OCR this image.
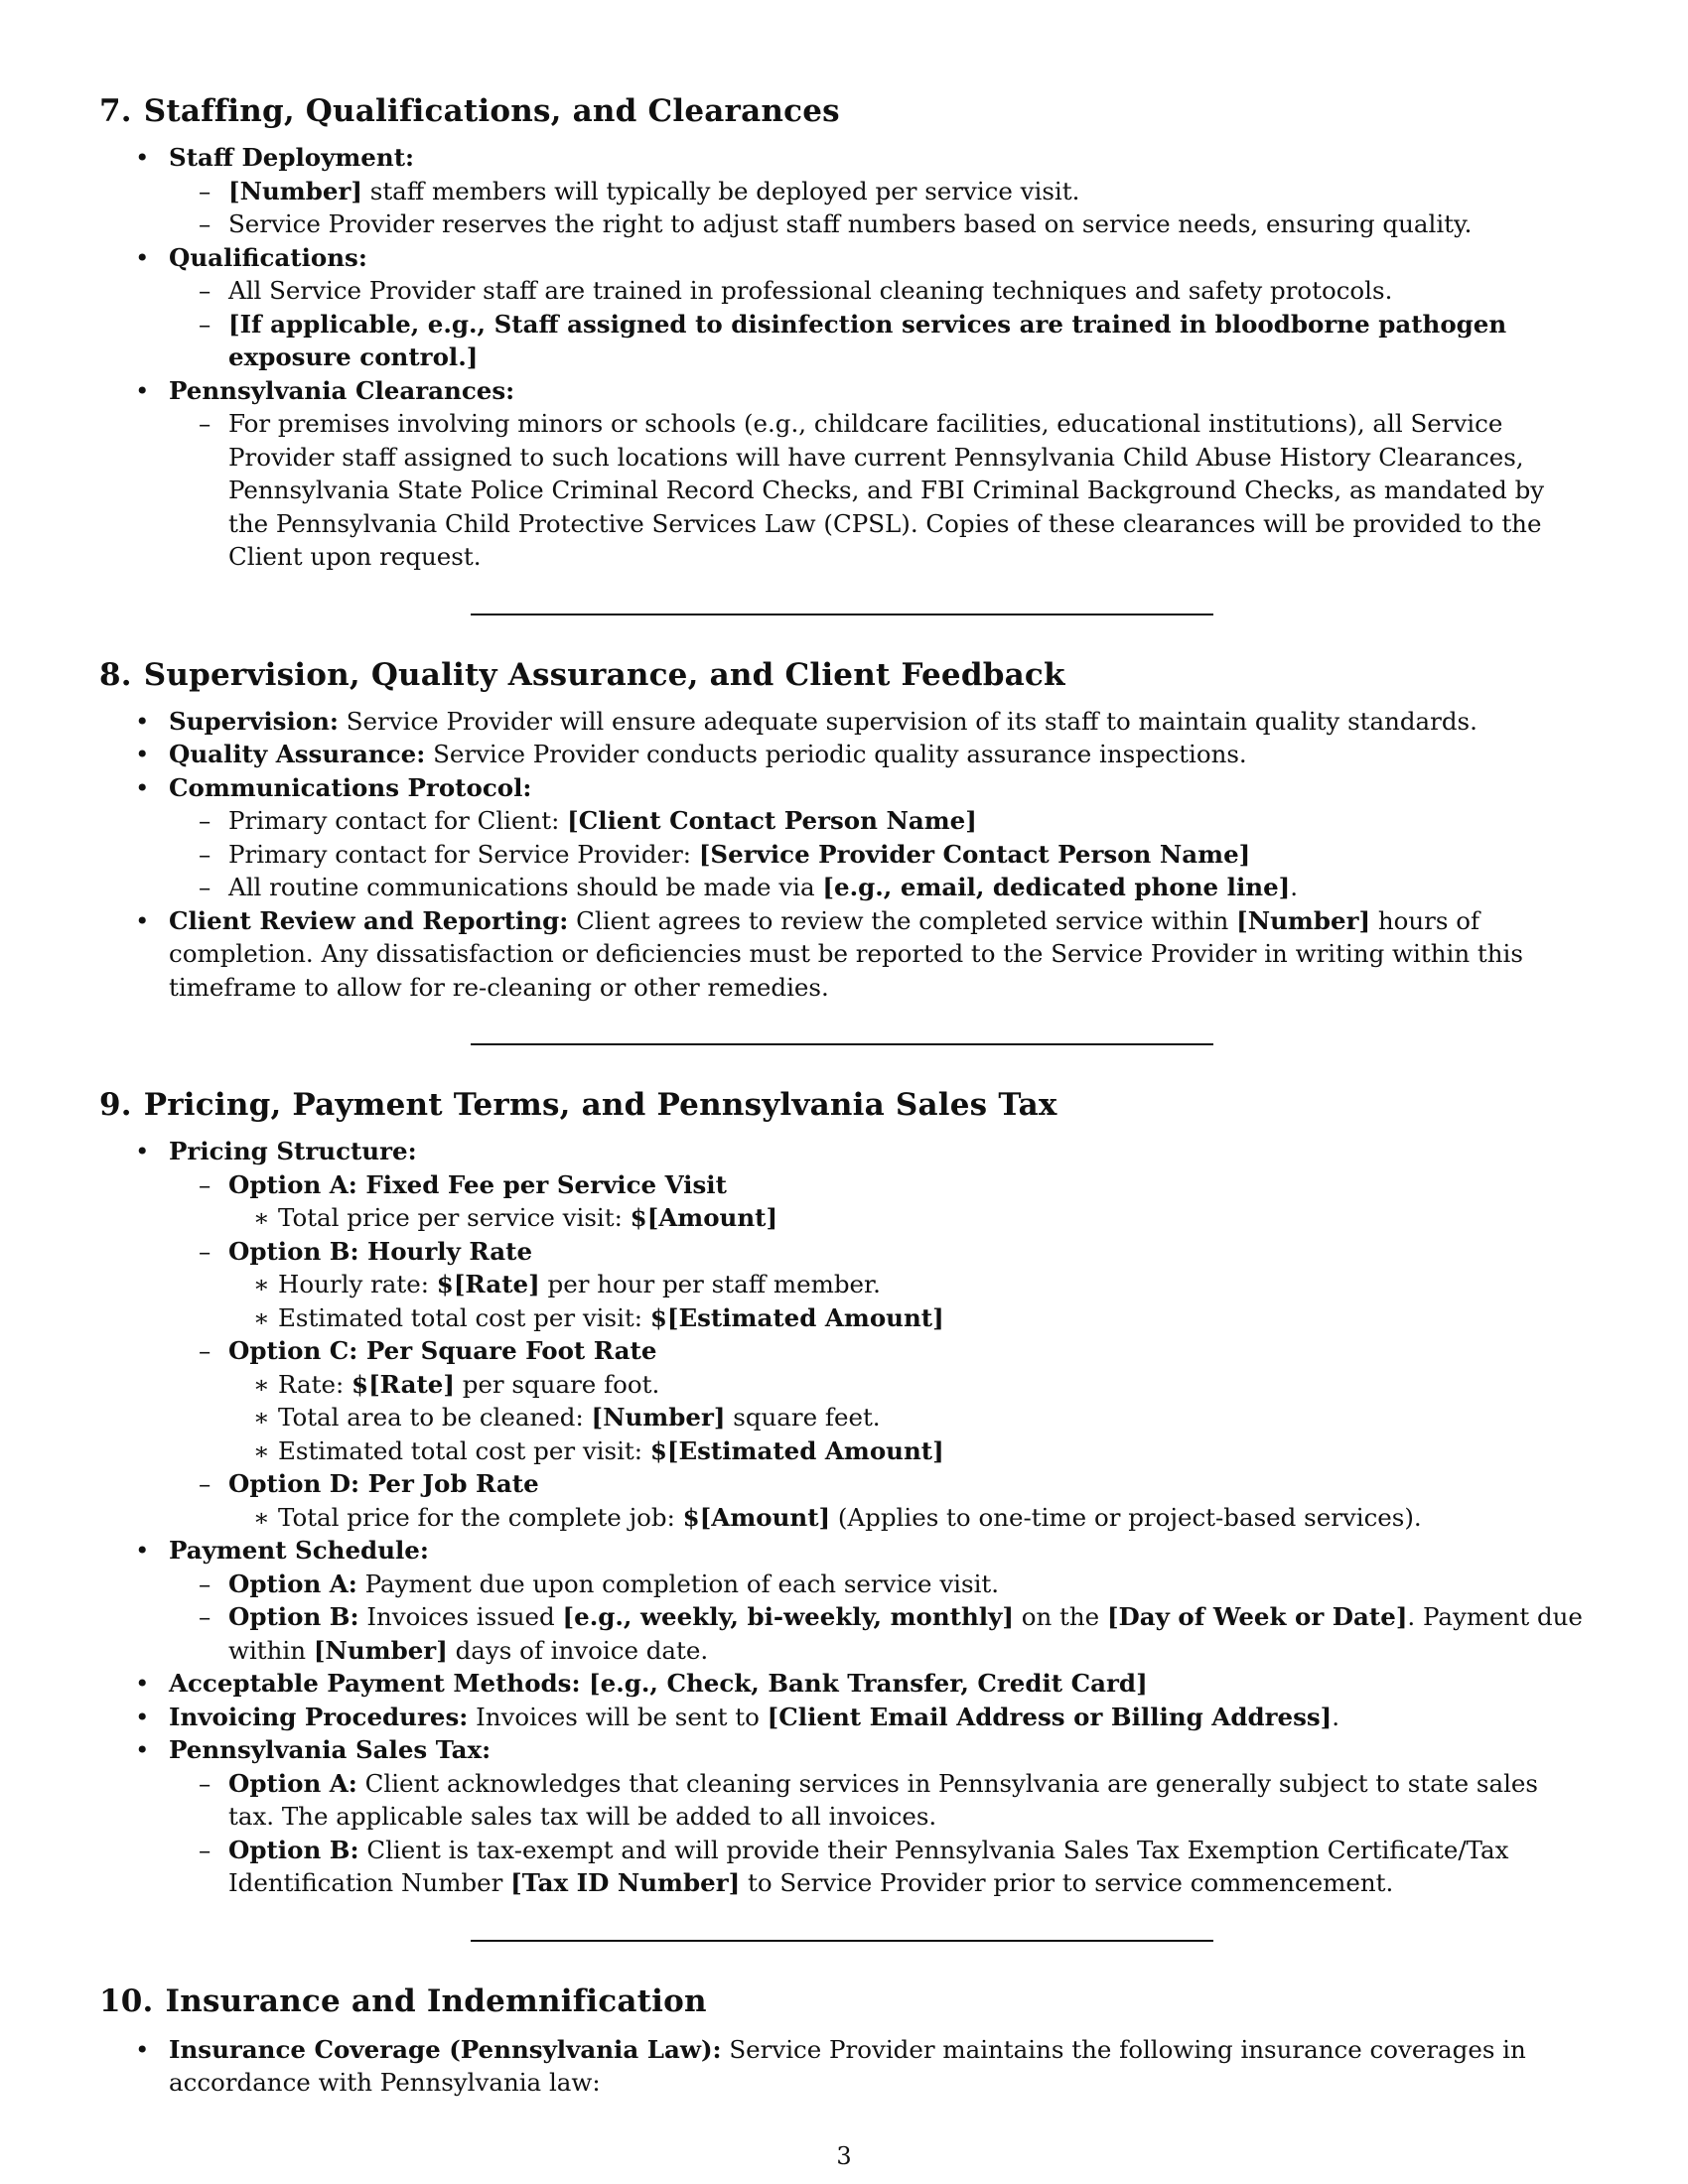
7. Staffing, Qualifications, and Clearances
• Staff Deployment:
– [Number] staff members will typically be deployed per service visit.
– Service Provider reserves the right to adjust staff numbers based on service needs, ensuring quality.
• Qualifications:
– All Service Provider staff are trained in professional cleaning techniques and safety protocols.
– [If applicable, e.g., Staff assigned to disinfection services are trained in bloodborne pathogen exposure control.]
• Pennsylvania Clearances:
– For premises involving minors or schools (e.g., childcare facilities, educational institutions), all Service Provider staff assigned to such locations will have current Pennsylvania Child Abuse History Clearances, Pennsylvania State Police Criminal Record Checks, and FBI Criminal Background Checks, as mandated by the Pennsylvania Child Protective Services Law (CPSL). Copies of these clearances will be provided to the Client upon request.
8. Supervision, Quality Assurance, and Client Feedback
• Supervision: Service Provider will ensure adequate supervision of its staff to maintain quality standards.
• Quality Assurance: Service Provider conducts periodic quality assurance inspections.
• Communications Protocol:
– Primary contact for Client: [Client Contact Person Name]
– Primary contact for Service Provider: [Service Provider Contact Person Name]
– All routine communications should be made via [e.g., email, dedicated phone line].
• Client Review and Reporting: Client agrees to review the completed service within [Number] hours of completion. Any dissatisfaction or deficiencies must be reported to the Service Provider in writing within this timeframe to allow for re-cleaning or other remedies.
9. Pricing, Payment Terms, and Pennsylvania Sales Tax
• Pricing Structure:
– Option A: Fixed Fee per Service Visit
∗ Total price per service visit: $[Amount]
– Option B: Hourly Rate
∗ Hourly rate: $[Rate] per hour per staff member.
∗ Estimated total cost per visit: $[Estimated Amount]
– Option C: Per Square Foot Rate
∗ Rate: $[Rate] per square foot.
∗ Total area to be cleaned: [Number] square feet.
∗ Estimated total cost per visit: $[Estimated Amount]
– Option D: Per Job Rate
∗ Total price for the complete job: $[Amount] (Applies to one-time or project-based services).
• Payment Schedule:
– Option A: Payment due upon completion of each service visit.
– Option B: Invoices issued [e.g., weekly, bi-weekly, monthly] on the [Day of Week or Date]. Payment due within [Number] days of invoice date.
• Acceptable Payment Methods: [e.g., Check, Bank Transfer, Credit Card]
• Invoicing Procedures: Invoices will be sent to [Client Email Address or Billing Address].
• Pennsylvania Sales Tax:
– Option A: Client acknowledges that cleaning services in Pennsylvania are generally subject to state sales tax. The applicable sales tax will be added to all invoices.
– Option B: Client is tax-exempt and will provide their Pennsylvania Sales Tax Exemption Certificate/Tax Identification Number [Tax ID Number] to Service Provider prior to service commencement.
10. Insurance and Indemnification
• Insurance Coverage (Pennsylvania Law): Service Provider maintains the following insurance coverages in accordance with Pennsylvania law:
3
